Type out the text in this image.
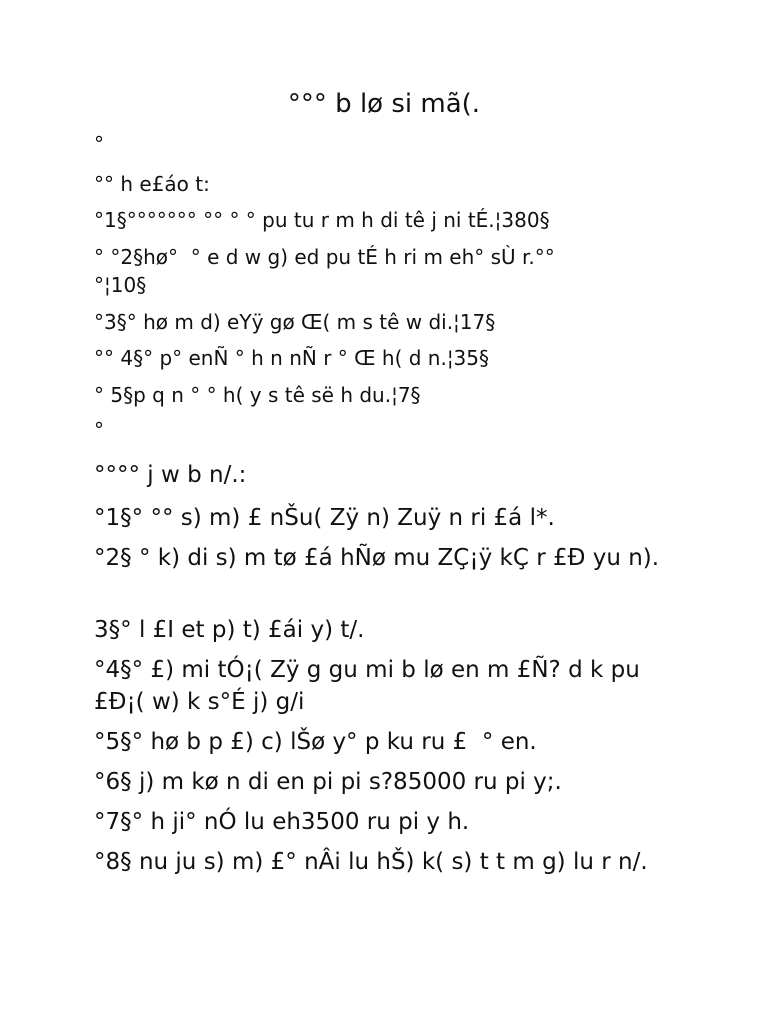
°°° b lø si mã(.
°
°° h e£áo t:
°1§°°°°°°° °° ° ° pu tu r m h di tê j ni tÉ.¦380§
° °2§hø°  ° e d w g) ed pu tÉ h ri m eh° sÙ r.°°
°¦10§
°3§° hø m d) eYÿ gø Œ( m s tê w di.¦17§
°° 4§° p° enÑ ° h n nÑ r ° Œ h( d n.¦35§
° 5§p q n ° ° h( y s tê së h du.¦7§
°
°°°° j w b n/.:
°1§° °° s) m) £ nŠu( Zÿ n) Zuÿ n ri £á l*.
°2§ ° k) di s) m tø £á hÑø mu ZÇ¡ÿ kÇ r £Ð yu n).
3§° l £I et p) t) £ái y) t/.
°4§° £) mi tÓ¡( Zÿ g gu mi b lø en m £Ñ? d k pu £Ð¡( w) k s°É j) g/i
°5§° hø b p £) c) lŠø y° p ku ru £  ° en.
°6§ j) m kø n di en pi pi s?85000 ru pi y;.
°7§° h ji° nÓ lu eh3500 ru pi y h.
°8§ nu ju s) m) £° nÂi lu hŠ) k( s) t t m g) lu r n/.
